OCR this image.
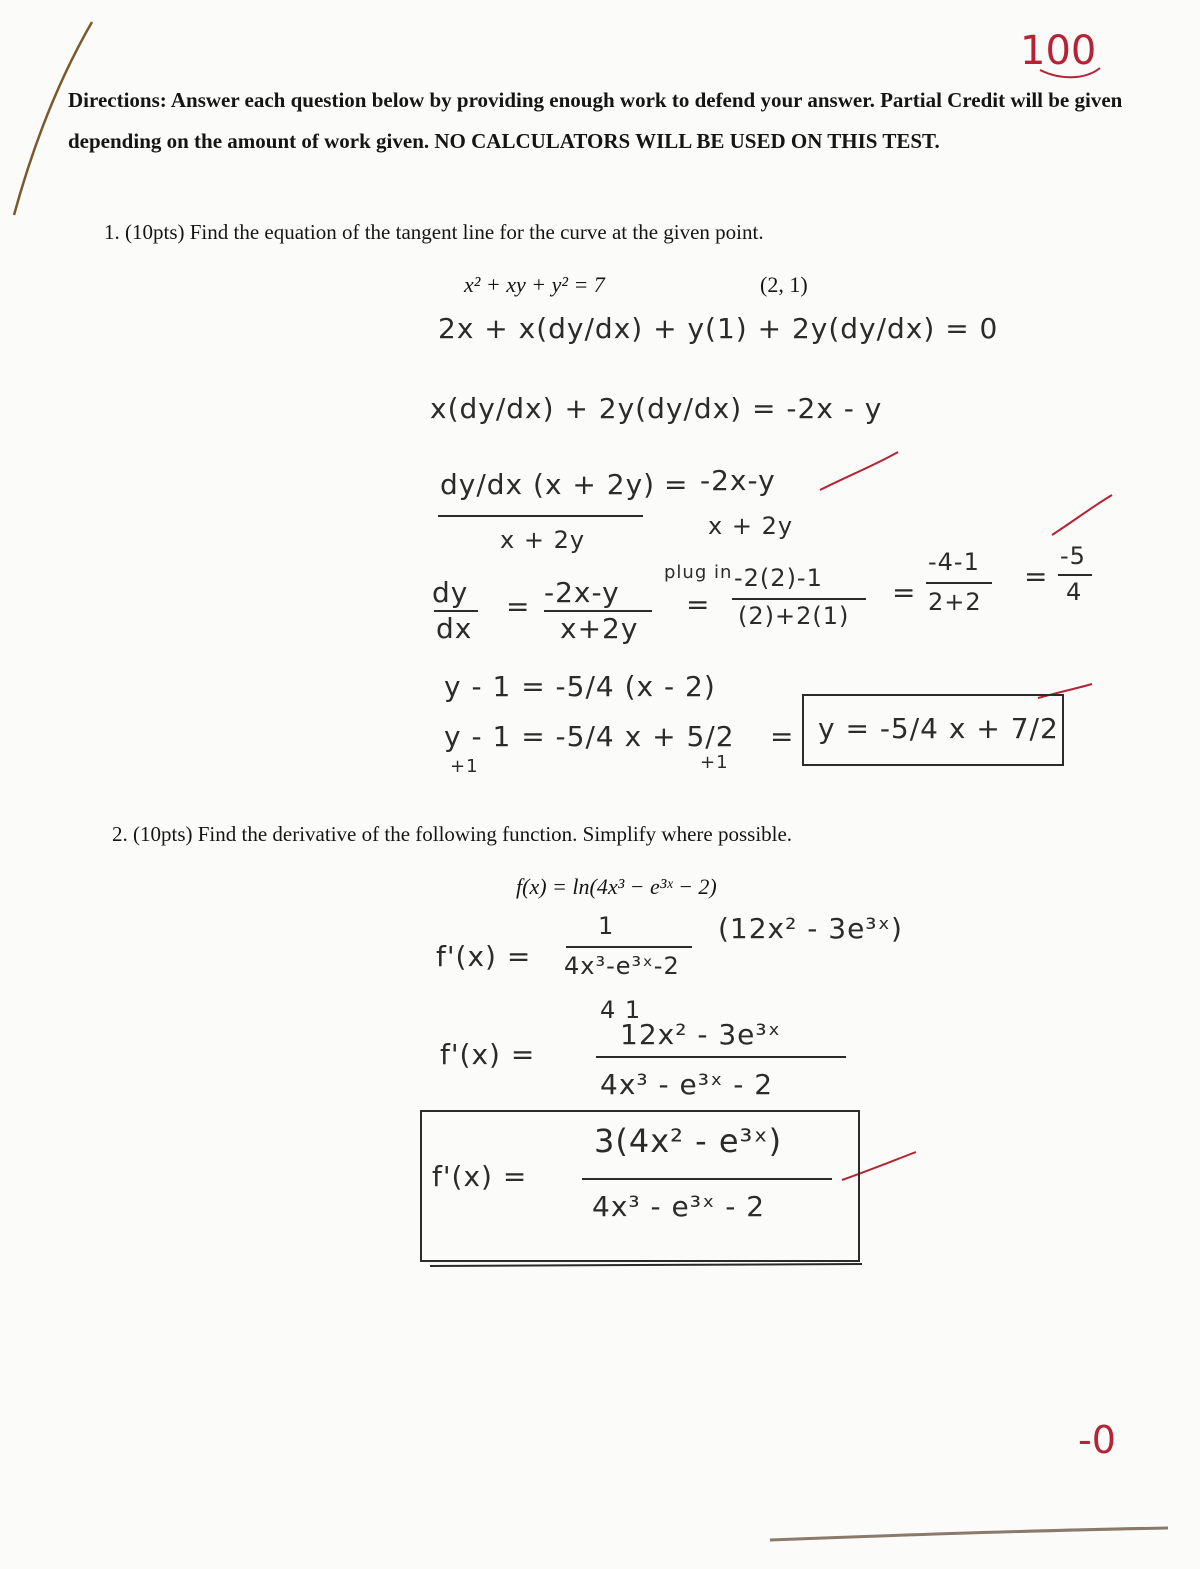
100
-0

Directions: Answer each question below by providing enough work to defend your answer. Partial Credit will be given depending on the amount of work given. NO CALCULATORS WILL BE USED ON THIS TEST.

1. (10pts) Find the equation of the tangent line for the curve at the given point.
x² + xy + y² = 7	(2, 1)
2x + x(dy/dx) + y(1) + 2y(dy/dx) = 0
x(dy/dx) + 2y(dy/dx) = -2x - y
dy/dx (x + 2y) = -2x-y
x + 2y	x + 2y
dy
dx
= -2x-y
x+2y
plug in
=
-2(2)-1
(2)+2(1)
=
-4-1
2+2
=
-5
4
y - 1 = -5/4 (x - 2)
y - 1 = -5/4 x + 5/2
+1	+1
= y = -5/4 x + 7/2
2. (10pts) Find the derivative of the following function. Simplify where possible.
f(x) = ln(4x³ − e³ˣ − 2)
f'(x) =
1
4x³-e³ˣ-2
(12x² - 3e³ˣ)
4 1
f'(x) =
12x² - 3e³ˣ
4x³ - e³ˣ - 2
f'(x) =
3(4x² - e³ˣ)
4x³ - e³ˣ - 2
